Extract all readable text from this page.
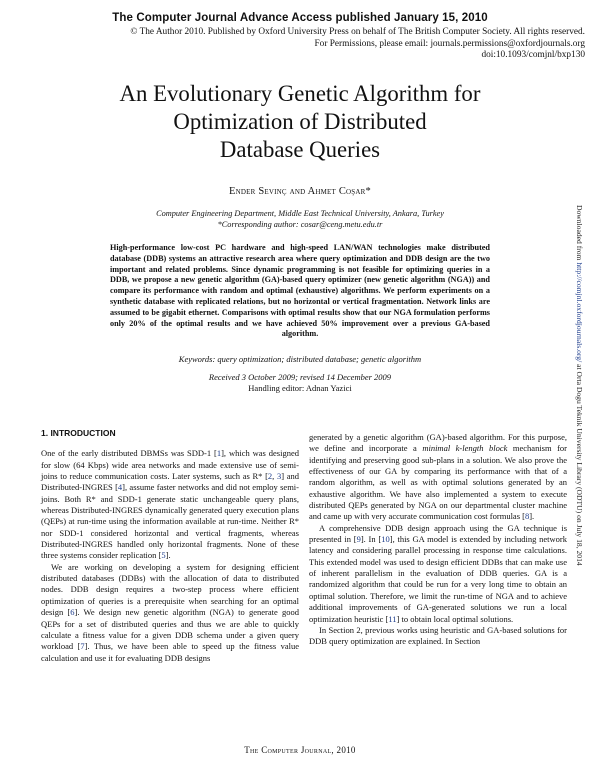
The Computer Journal Advance Access published January 15, 2010
© The Author 2010. Published by Oxford University Press on behalf of The British Computer Society. All rights reserved.
For Permissions, please email: journals.permissions@oxfordjournals.org
doi:10.1093/comjnl/bxp130
An Evolutionary Genetic Algorithm for
Optimization of Distributed
Database Queries
Ender Sevinç and Ahmet Coşar*
Computer Engineering Department, Middle East Technical University, Ankara, Turkey
*Corresponding author: cosar@ceng.metu.edu.tr
High-performance low-cost PC hardware and high-speed LAN/WAN technologies make distributed database (DDB) systems an attractive research area where query optimization and DDB design are the two important and related problems. Since dynamic programming is not feasible for optimizing queries in a DDB, we propose a new genetic algorithm (GA)-based query optimizer (new genetic algorithm (NGA)) and compare its performance with random and optimal (exhaustive) algorithms. We perform experiments on a synthetic database with replicated relations, but no horizontal or vertical fragmentation. Network links are assumed to be gigabit ethernet. Comparisons with optimal results show that our NGA formulation performs only 20% of the optimal results and we have achieved 50% improvement over a previous GA-based algorithm.
Keywords: query optimization; distributed database; genetic algorithm
Received 3 October 2009; revised 14 December 2009
Handling editor: Adnan Yazici
1. INTRODUCTION

One of the early distributed DBMSs was SDD-1 [1], which was designed for slow (64 Kbps) wide area networks and made extensive use of semi-joins to reduce communication costs. Later systems, such as R* [2, 3] and Distributed-INGRES [4], assume faster networks and did not employ semi-joins. Both R* and SDD-1 generate static unchangeable query plans, whereas Distributed-INGRES dynamically generated query execution plans (QEPs) at run-time using the information available at run-time. Neither R* nor SDD-1 considered horizontal and vertical fragments, whereas Distributed-INGRES handled only horizontal fragments. None of these three systems consider replication [5].

We are working on developing a system for designing efficient distributed databases (DDBs) with the allocation of data to distributed nodes. DDB design requires a two-step process where efficient optimization of queries is a prerequisite when searching for an optimal design [6]. We design new genetic algorithm (NGA) to generate good QEPs for a set of distributed queries and thus we are able to quickly calculate a fitness value for a given DDB schema under a given query workload [7]. Thus, we have been able to speed up the fitness value calculation and use it for evaluating DDB designs

generated by a genetic algorithm (GA)-based algorithm. For this purpose, we define and incorporate a minimal k-length block mechanism for identifying and preserving good sub-plans in a solution. We also prove the effectiveness of our GA by comparing its performance with that of a random algorithm, as well as with optimal solutions generated by an exhaustive algorithm. We have also implemented a system to execute distributed QEPs generated by NGA on our departmental cluster machine and came up with very accurate communication cost formulas [8].

A comprehensive DDB design approach using the GA technique is presented in [9]. In [10], this GA model is extended by including network latency and considering parallel processing in response time calculations. This extended model was used to design efficient DDBs that can make use of inherent parallelism in the evaluation of DDB queries. GA is a randomized algorithm that could be run for a very long time to obtain an optimal solution. Therefore, we limit the run-time of NGA and to achieve additional improvements of GA-generated solutions we run a local optimization heuristic [11] to obtain local optimal solutions.

In Section 2, previous works using heuristic and GA-based solutions for DDB query optimization are explained. In Section

The Computer Journal, 2010
Downloaded from http://comjnl.oxfordjournals.org/ at Orta Dogu Teknik University Library (ODTU) on July 18, 2014
